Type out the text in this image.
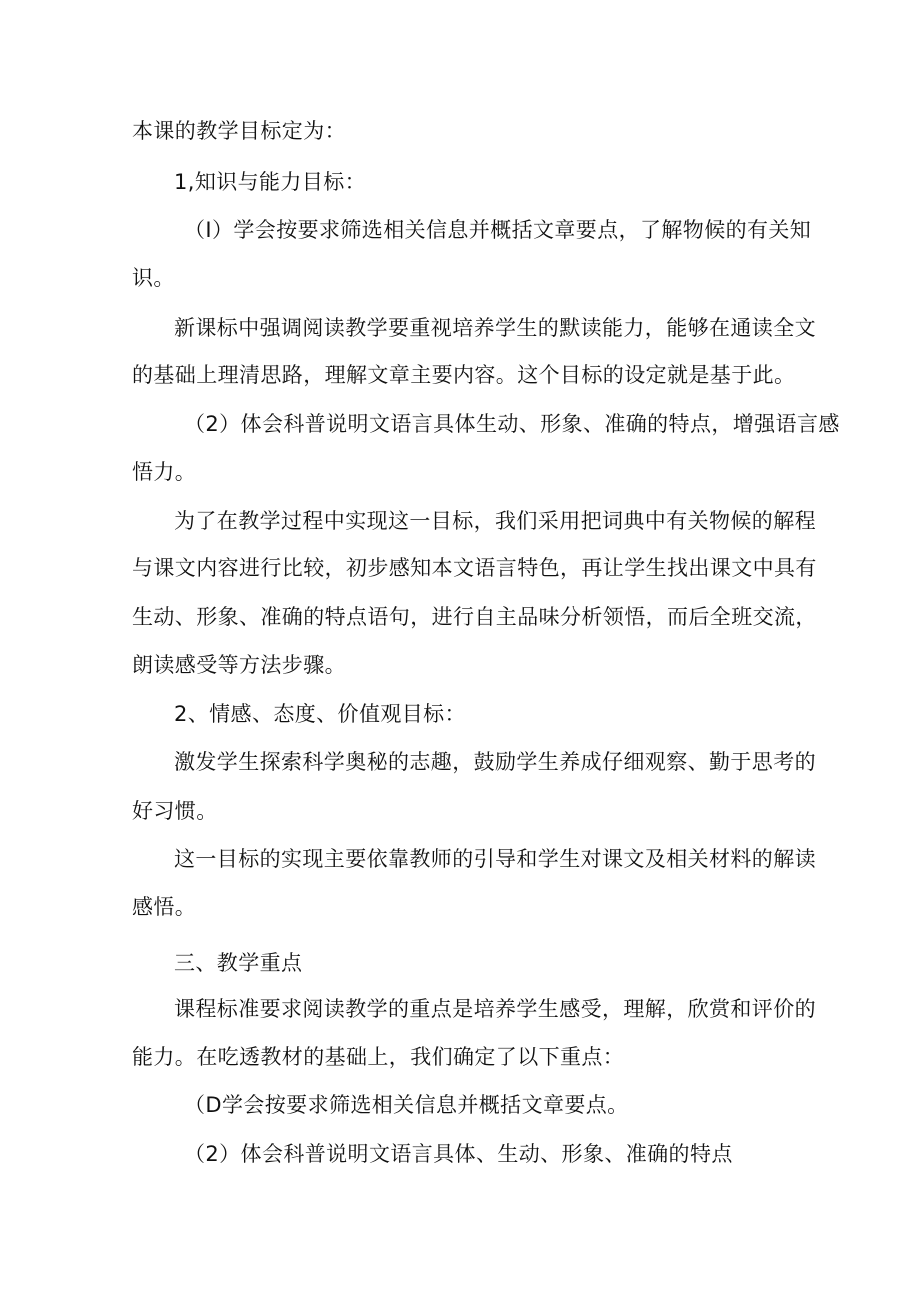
本课的教学目标定为：
1,知识与能力目标：
（I）学会按要求筛选相关信息并概括文章要点，了解物候的有关知
识。
新课标中强调阅读教学要重视培养学生的默读能力，能够在通读全文
的基础上理清思路，理解文章主要内容。这个目标的设定就是基于此。
（2）体会科普说明文语言具体生动、形象、准确的特点，增强语言感
悟力。
为了在教学过程中实现这一目标，我们采用把词典中有关物候的解程
与课文内容进行比较，初步感知本文语言特色，再让学生找出课文中具有
生动、形象、准确的特点语句，进行自主品味分析领悟，而后全班交流，
朗读感受等方法步骤。
2、情感、态度、价值观目标：
激发学生探索科学奥秘的志趣，鼓励学生养成仔细观察、勤于思考的
好习惯。
这一目标的实现主要依靠教师的引导和学生对课文及相关材料的解读
感悟。
三、教学重点
课程标准要求阅读教学的重点是培养学生感受，理解，欣赏和评价的
能力。在吃透教材的基础上，我们确定了以下重点：
（D学会按要求筛选相关信息并概括文章要点。
（2）体会科普说明文语言具体、生动、形象、准确的特点
